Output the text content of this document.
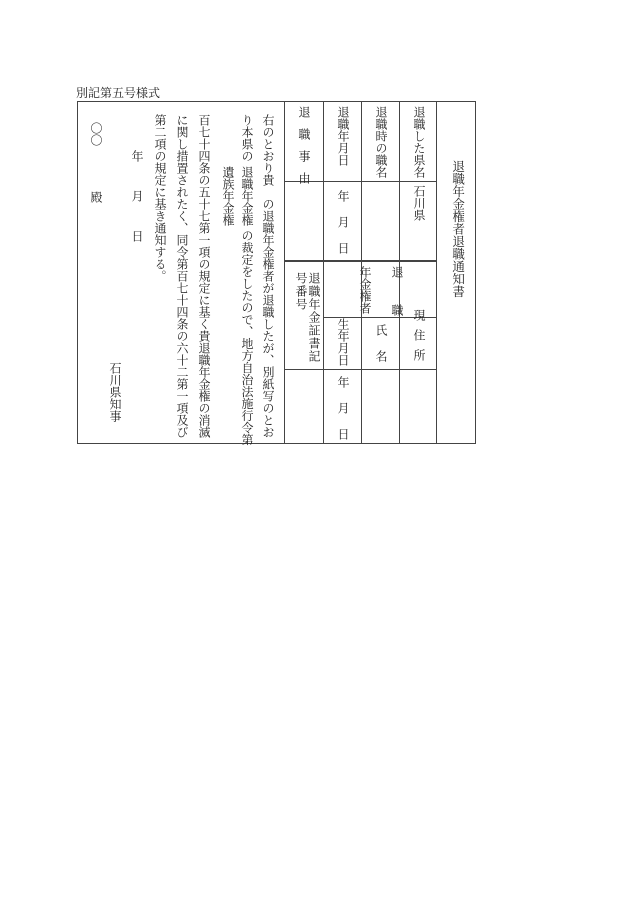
別記第五号様式
退職年金権者退職通知書
退職した県名
石川県
退職時の職名
退職年月日
年月日
退職事由
現住所
退
年金権者 職
氏名
生年月日
年月日
退職年金証書記号番号
右のとおり貴　の退職年金権者が退職したが、別紙写のとお
り本県の 退職年金権 の裁定をしたので、地方自治法施行令第
　　　　 遺族年金権
百七十四条の五十七第一項の規定に基く貴退職年金権の消滅
に関し措置されたく、同令第百七十四条の六十二第一項及び
第二項の規定に基き通知する。
年　月　日
〇〇
殿
石川県知事
